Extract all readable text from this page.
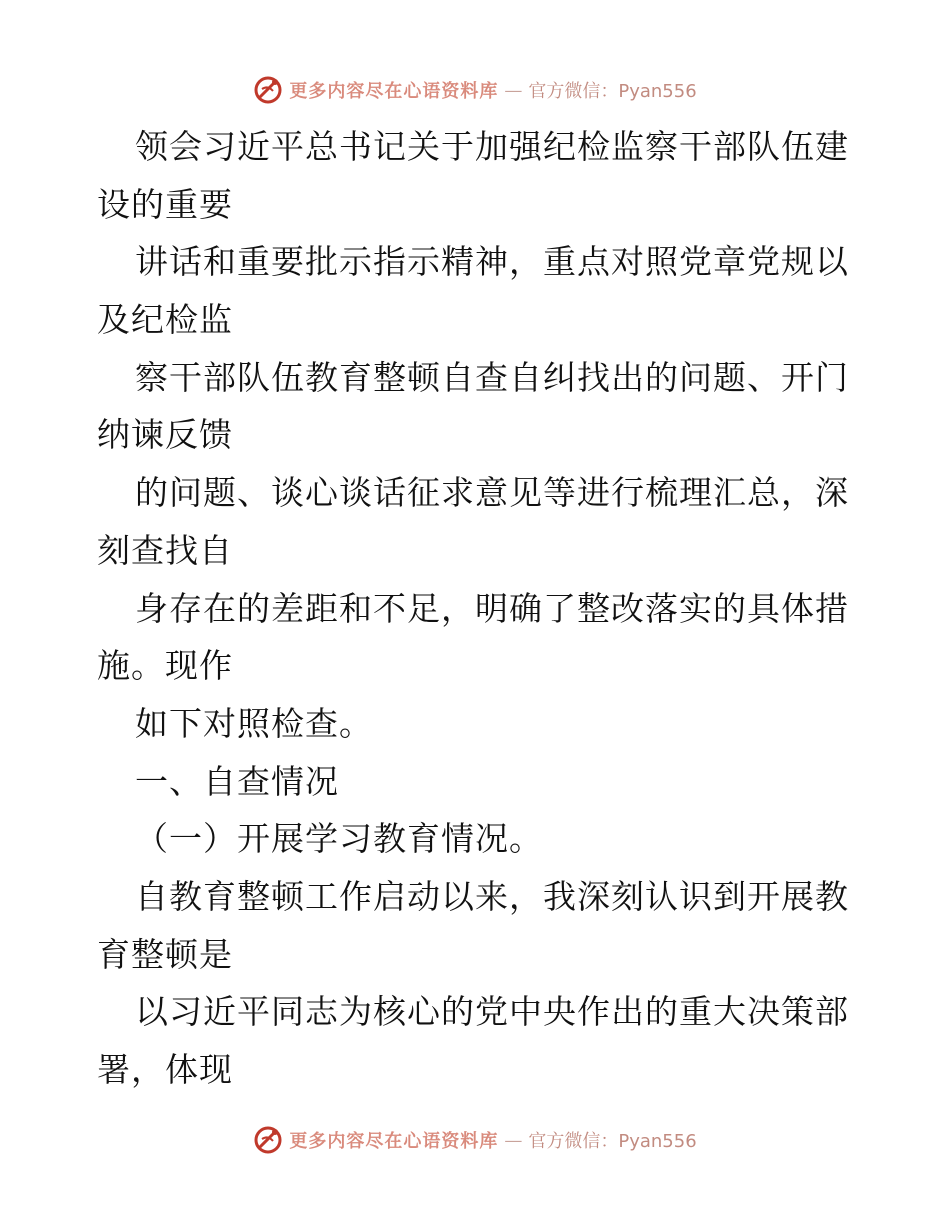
更多内容尽在心语资料库 — 官方微信：Pyan556
领会习近平总书记关于加强纪检监察干部队伍建
设的重要
讲话和重要批示指示精神，重点对照党章党规以
及纪检监
察干部队伍教育整顿自查自纠找出的问题、开门
纳谏反馈
的问题、谈心谈话征求意见等进行梳理汇总，深
刻查找自
身存在的差距和不足，明确了整改落实的具体措
施。现作
如下对照检查。
一、自查情况
（一）开展学习教育情况。
自教育整顿工作启动以来，我深刻认识到开展教
育整顿是
以习近平同志为核心的党中央作出的重大决策部
署，体现
更多内容尽在心语资料库 — 官方微信：Pyan556
